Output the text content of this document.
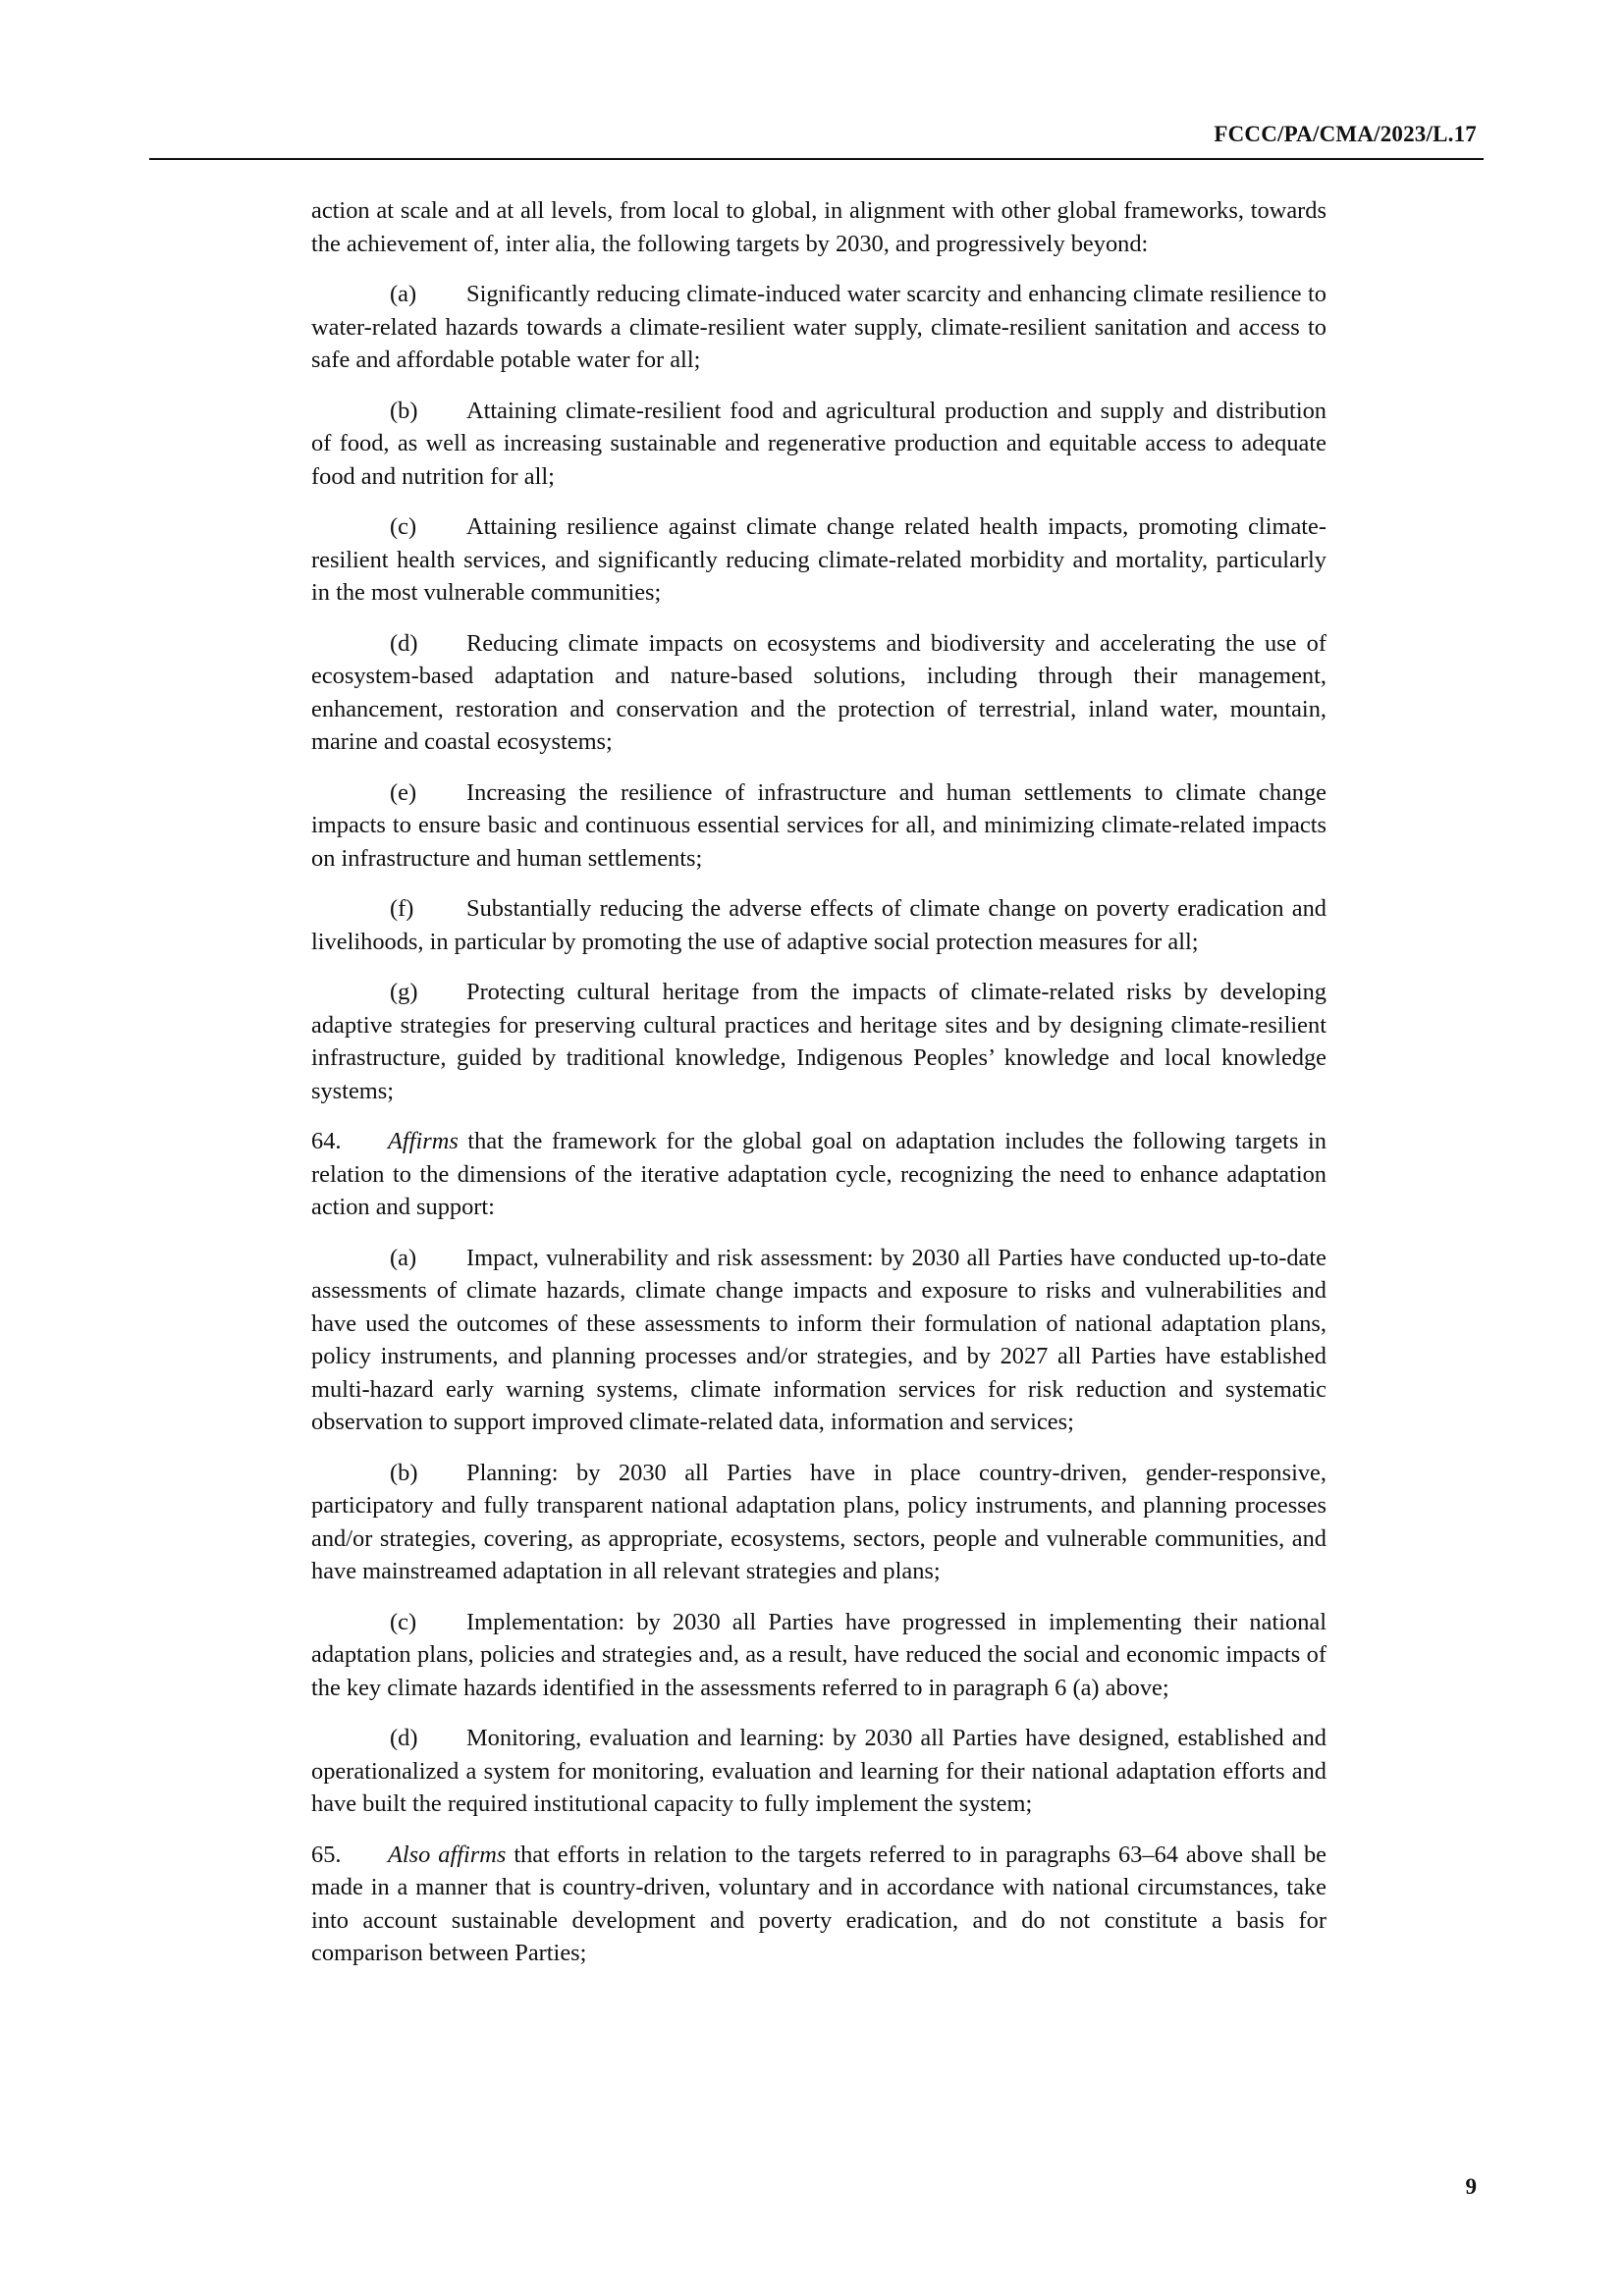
FCCC/PA/CMA/2023/L.17

action at scale and at all levels, from local to global, in alignment with other global frameworks, towards the achievement of, inter alia, the following targets by 2030, and progressively beyond:

(a) Significantly reducing climate-induced water scarcity and enhancing climate resilience to water-related hazards towards a climate-resilient water supply, climate-resilient sanitation and access to safe and affordable potable water for all;

(b) Attaining climate-resilient food and agricultural production and supply and distribution of food, as well as increasing sustainable and regenerative production and equitable access to adequate food and nutrition for all;

(c) Attaining resilience against climate change related health impacts, promoting climate-resilient health services, and significantly reducing climate-related morbidity and mortality, particularly in the most vulnerable communities;

(d) Reducing climate impacts on ecosystems and biodiversity and accelerating the use of ecosystem-based adaptation and nature-based solutions, including through their management, enhancement, restoration and conservation and the protection of terrestrial, inland water, mountain, marine and coastal ecosystems;

(e) Increasing the resilience of infrastructure and human settlements to climate change impacts to ensure basic and continuous essential services for all, and minimizing climate-related impacts on infrastructure and human settlements;

(f) Substantially reducing the adverse effects of climate change on poverty eradication and livelihoods, in particular by promoting the use of adaptive social protection measures for all;

(g) Protecting cultural heritage from the impacts of climate-related risks by developing adaptive strategies for preserving cultural practices and heritage sites and by designing climate-resilient infrastructure, guided by traditional knowledge, Indigenous Peoples’ knowledge and local knowledge systems;

64. Affirms that the framework for the global goal on adaptation includes the following targets in relation to the dimensions of the iterative adaptation cycle, recognizing the need to enhance adaptation action and support:

(a) Impact, vulnerability and risk assessment: by 2030 all Parties have conducted up-to-date assessments of climate hazards, climate change impacts and exposure to risks and vulnerabilities and have used the outcomes of these assessments to inform their formulation of national adaptation plans, policy instruments, and planning processes and/or strategies, and by 2027 all Parties have established multi-hazard early warning systems, climate information services for risk reduction and systematic observation to support improved climate-related data, information and services;

(b) Planning: by 2030 all Parties have in place country-driven, gender-responsive, participatory and fully transparent national adaptation plans, policy instruments, and planning processes and/or strategies, covering, as appropriate, ecosystems, sectors, people and vulnerable communities, and have mainstreamed adaptation in all relevant strategies and plans;

(c) Implementation: by 2030 all Parties have progressed in implementing their national adaptation plans, policies and strategies and, as a result, have reduced the social and economic impacts of the key climate hazards identified in the assessments referred to in paragraph 6 (a) above;

(d) Monitoring, evaluation and learning: by 2030 all Parties have designed, established and operationalized a system for monitoring, evaluation and learning for their national adaptation efforts and have built the required institutional capacity to fully implement the system;

65. Also affirms that efforts in relation to the targets referred to in paragraphs 63–64 above shall be made in a manner that is country-driven, voluntary and in accordance with national circumstances, take into account sustainable development and poverty eradication, and do not constitute a basis for comparison between Parties;

9
